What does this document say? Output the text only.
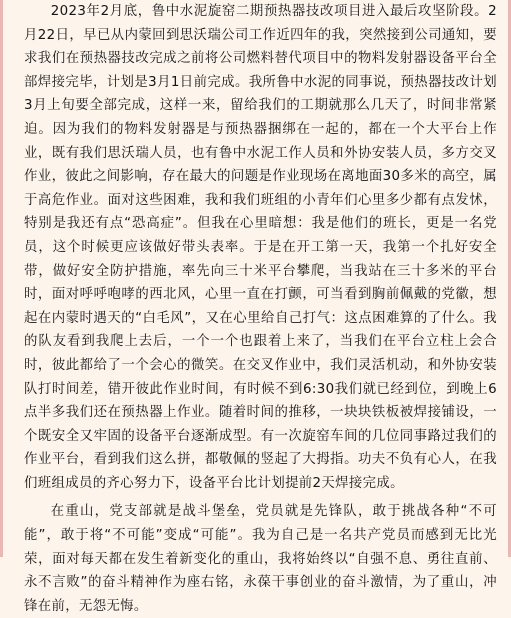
2023年2月底，鲁中水泥旋窑二期预热器技改项目进入最后攻坚阶段。2月22日，早已从内蒙回到思沃瑞公司工作近四年的我，突然接到公司通知，要求我们在预热器技改完成之前将公司燃料替代项目中的物料发射器设备平台全部焊接完毕，计划是3月1日前完成。我所鲁中水泥的同事说，预热器技改计划3月上旬要全部完成，这样一来，留给我们的工期就那么几天了，时间非常紧迫。因为我们的物料发射器是与预热器捆绑在一起的，都在一个大平台上作业，既有我们思沃瑞人员，也有鲁中水泥工作人员和外协安装人员，多方交叉作业，彼此之间影响，存在最大的问题是作业现场在离地面30多米的高空，属于高危作业。面对这些困难，我和我们班组的小青年们心里多少都有点发怵，特别是我还有点“恐高症”。但我在心里暗想：我是他们的班长，更是一名党员，这个时候更应该做好带头表率。于是在开工第一天，我第一个扎好安全带，做好安全防护措施，率先向三十米平台攀爬，当我站在三十多米的平台时，面对呼呼咆哮的西北风，心里一直在打颤，可当看到胸前佩戴的党徽，想起在内蒙时遇天的“白毛风”，又在心里给自己打气：这点困难算的了什么。我的队友看到我爬上去后，一个一个也跟着上来了，当我们在平台立柱上会合时，彼此都给了一个会心的微笑。在交叉作业中，我们灵活机动，和外协安装队打时间差，错开彼此作业时间，有时候不到6:30我们就已经到位，到晚上6点半多我们还在预热器上作业。随着时间的推移，一块块铁板被焊接铺设，一个既安全又牢固的设备平台逐渐成型。有一次旋窑车间的几位同事路过我们的作业平台，看到我们这么拼，都敬佩的竖起了大拇指。功夫不负有心人，在我们班组成员的齐心努力下，设备平台比计划提前2天焊接完成。

在重山，党支部就是战斗堡垒，党员就是先锋队，敢于挑战各种“不可能”，敢于将“不可能”变成“可能”。我为自己是一名共产党员而感到无比光荣，面对每天都在发生着新变化的重山，我将始终以“自强不息、勇往直前、永不言败”的奋斗精神作为座右铭，永葆干事创业的奋斗激情，为了重山，冲锋在前，无怨无悔。
